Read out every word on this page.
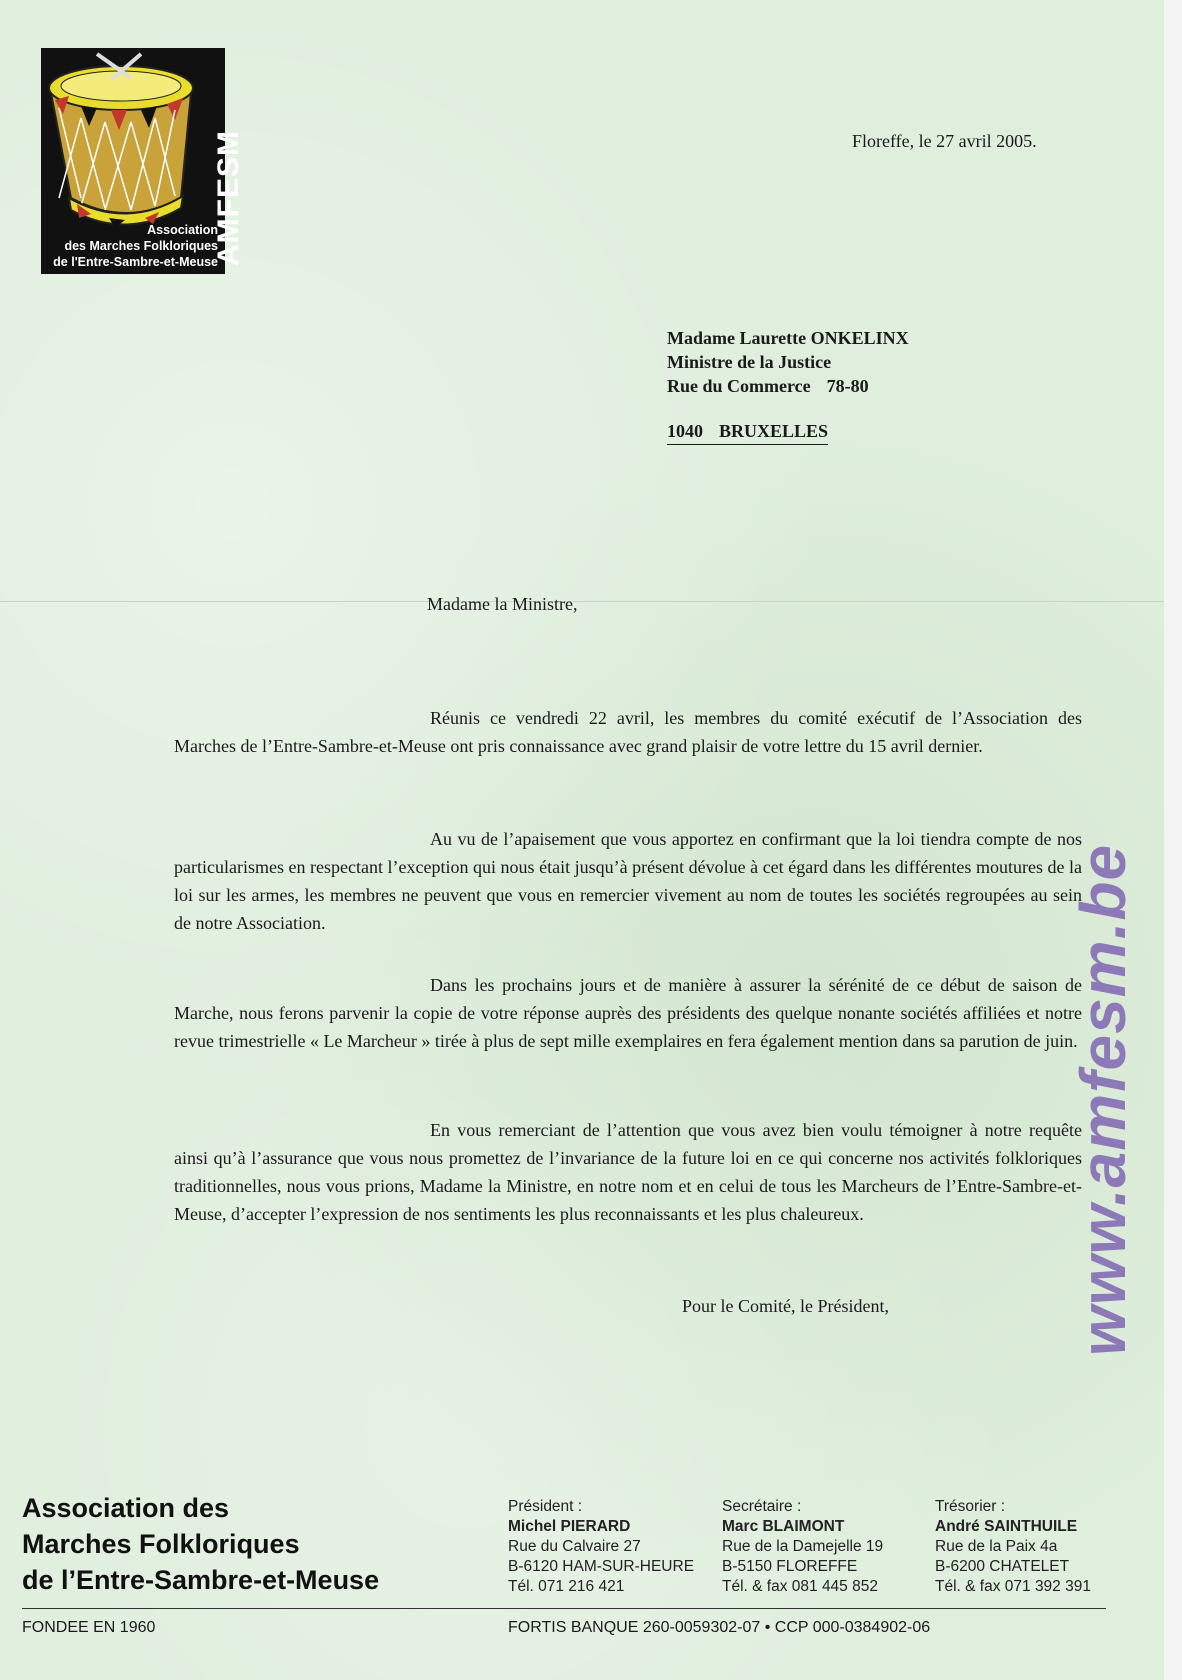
AMFESM
Association
des Marches Folkloriques
de l'Entre-Sambre-et-Meuse
Floreffe, le 27 avril 2005.
Madame Laurette ONKELINX
Ministre de la Justice
Rue du Commerce 78-80
1040 BRUXELLES
Madame la Ministre,

Réunis ce vendredi 22 avril, les membres du comité exécutif de l’Association des Marches de l’Entre-Sambre-et-Meuse ont pris connaissance avec grand plaisir de votre lettre du 15 avril dernier.

Au vu de l’apaisement que vous apportez en confirmant que la loi tiendra compte de nos particularismes en respectant l’exception qui nous était jusqu’à présent dévolue à cet égard dans les différentes moutures de la loi sur les armes, les membres ne peuvent que vous en remercier vivement au nom de toutes les sociétés regroupées au sein de notre Association.

Dans les prochains jours et de manière à assurer la sérénité de ce début de saison de Marche, nous ferons parvenir la copie de votre réponse auprès des présidents des quelque nonante sociétés affiliées et notre revue trimestrielle « Le Marcheur » tirée à plus de sept mille exemplaires en fera également mention dans sa parution de juin.

En vous remerciant de l’attention que vous avez bien voulu témoigner à notre requête ainsi qu’à l’assurance que vous nous promettez de l’invariance de la future loi en ce qui concerne nos activités folkloriques traditionnelles, nous vous prions, Madame la Ministre, en notre nom et en celui de tous les Marcheurs de l’Entre-Sambre-et-Meuse, d’accepter l’expression de nos sentiments les plus reconnaissants et les plus chaleureux.

Pour le Comité, le Président,	www.amfesm.be
Association des
Marches Folkloriques
de l’Entre-Sambre-et-Meuse
Président :
Michel PIERARD
Rue du Calvaire 27
B-6120 HAM-SUR-HEURE
Tél. 071 216 421
Secrétaire :
Marc BLAIMONT
Rue de la Damejelle 19
B-5150 FLOREFFE
Tél. & fax 081 445 852
Trésorier :
André SAINTHUILE
Rue de la Paix 4a
B-6200 CHATELET
Tél. & fax 071 392 391
FONDEE EN 1960	FORTIS BANQUE 260-0059302-07 • CCP 000-0384902-06
